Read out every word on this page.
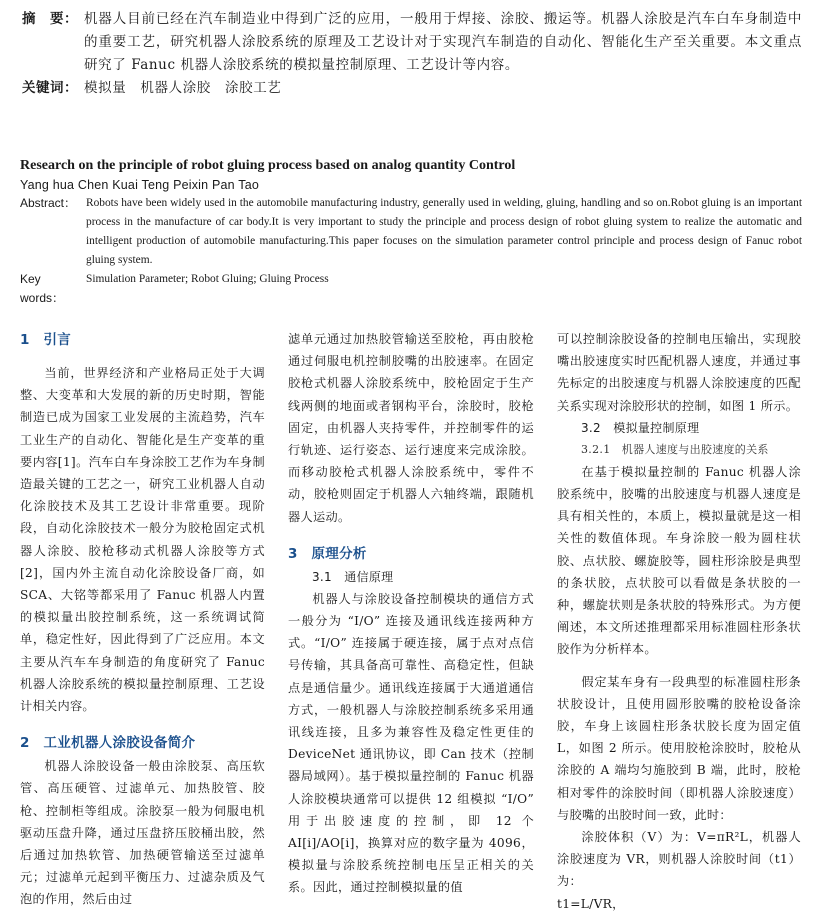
摘　要： 机器人目前已经在汽车制造业中得到广泛的应用，一般用于焊接、涂胶、搬运等。机器人涂胶是汽车白车身制造中的重要工艺，研究机器人涂胶系统的原理及工艺设计对于实现汽车制造的自动化、智能化生产至关重要。本文重点研究了 Fanuc 机器人涂胶系统的模拟量控制原理、工艺设计等内容。
关键词： 模拟量　机器人涂胶　涂胶工艺
Research on the principle of robot gluing process based on analog quantity Control
Yang hua Chen Kuai Teng Peixin Pan Tao
Abstract： Robots have been widely used in the automobile manufacturing industry, generally used in welding, gluing, handling and so on.Robot gluing is an important process in the manufacture of car body.It is very important to study the principle and process design of robot gluing system to realize the automatic and intelligent production of automobile manufacturing.This paper focuses on the simulation parameter control principle and process design of Fanuc robot gluing system.
Key words：
Simulation Parameter; Robot Gluing; Gluing Process
1　引言
当前，世界经济和产业格局正处于大调整、大变革和大发展的新的历史时期，智能制造已成为国家工业发展的主流趋势，汽车工业生产的自动化、智能化是生产变革的重要内容[1]。汽车白车身涂胶工艺作为车身制造最关键的工艺之一，研究工业机器人自动化涂胶技术及其工艺设计非常重要。现阶段，自动化涂胶技术一般分为胶枪固定式机器人涂胶、胶枪移动式机器人涂胶等方式[2]，国内外主流自动化涂胶设备厂商，如 SCA、大铭等都采用了 Fanuc 机器人内置的模拟量出胶控制系统，这一系统调试简单，稳定性好，因此得到了广泛应用。本文主要从汽车车身制造的角度研究了 Fanuc 机器人涂胶系统的模拟量控制原理、工艺设计相关内容。
2　工业机器人涂胶设备简介
机器人涂胶设备一般由涂胶泵、高压软管、高压硬管、过滤单元、加热胶管、胶枪、控制柜等组成。涂胶泵一般为伺服电机驱动压盘升降，通过压盘挤压胶桶出胶，然后通过加热软管、加热硬管输送至过滤单元；过滤单元起到平衡压力、过滤杂质及气泡的作用，然后由过
滤单元通过加热胶管输送至胶枪，再由胶枪通过伺服电机控制胶嘴的出胶速率。在固定胶枪式机器人涂胶系统中，胶枪固定于生产线两侧的地面或者钢构平台，涂胶时，胶枪固定，由机器人夹持零件，并控制零件的运行轨迹、运行姿态、运行速度来完成涂胶。而移动胶枪式机器人涂胶系统中，零件不动，胶枪则固定于机器人六轴终端，跟随机器人运动。
3　原理分析
3.1　通信原理
机器人与涂胶设备控制模块的通信方式一般分为 “I/O” 连接及通讯线连接两种方式。“I/O” 连接属于硬连接，属于点对点信号传输，其具备高可靠性、高稳定性，但缺点是通信量少。通讯线连接属于大通道通信方式，一般机器人与涂胶控制系统多采用通讯线连接，且多为兼容性及稳定性更佳的 DeviceNet 通讯协议，即 Can 技术（控制器局域网）。基于模拟量控制的 Fanuc 机器人涂胶模块通常可以提供 12 组模拟 “I/O” 用于出胶速度的控制，即 12 个 AI[i]/AO[i]，换算对应的数字量为 4096，模拟量与涂胶系统控制电压呈正相关的关系。因此，通过控制模拟量的值
可以控制涂胶设备的控制电压输出，实现胶嘴出胶速度实时匹配机器人速度，并通过事先标定的出胶速度与机器人涂胶速度的匹配关系实现对涂胶形状的控制，如图 1 所示。
3.2　模拟量控制原理
3.2.1　机器人速度与出胶速度的关系
在基于模拟量控制的 Fanuc 机器人涂胶系统中，胶嘴的出胶速度与机器人速度是具有相关性的，本质上，模拟量就是这一相关性的数值体现。车身涂胶一般为圆柱状胶、点状胶、螺旋胶等，圆柱形涂胶是典型的条状胶，点状胶可以看做是条状胶的一种，螺旋状则是条状胶的特殊形式。为方便阐述，本文所述推理都采用标准圆柱形条状胶作为分析样本。
假定某车身有一段典型的标准圆柱形条状胶设计，且使用圆形胶嘴的胶枪设备涂胶，车身上该圆柱形条状胶长度为固定值 L，如图 2 所示。使用胶枪涂胶时，胶枪从涂胶的 A 端均匀施胶到 B 端，此时，胶枪相对零件的涂胶时间（即机器人涂胶速度）与胶嘴的出胶时间一致，此时：
涂胶体积（V）为：V=πR²L，机器人涂胶速度为 VR，则机器人涂胶时间（t1）为：
t1=L/VR，
